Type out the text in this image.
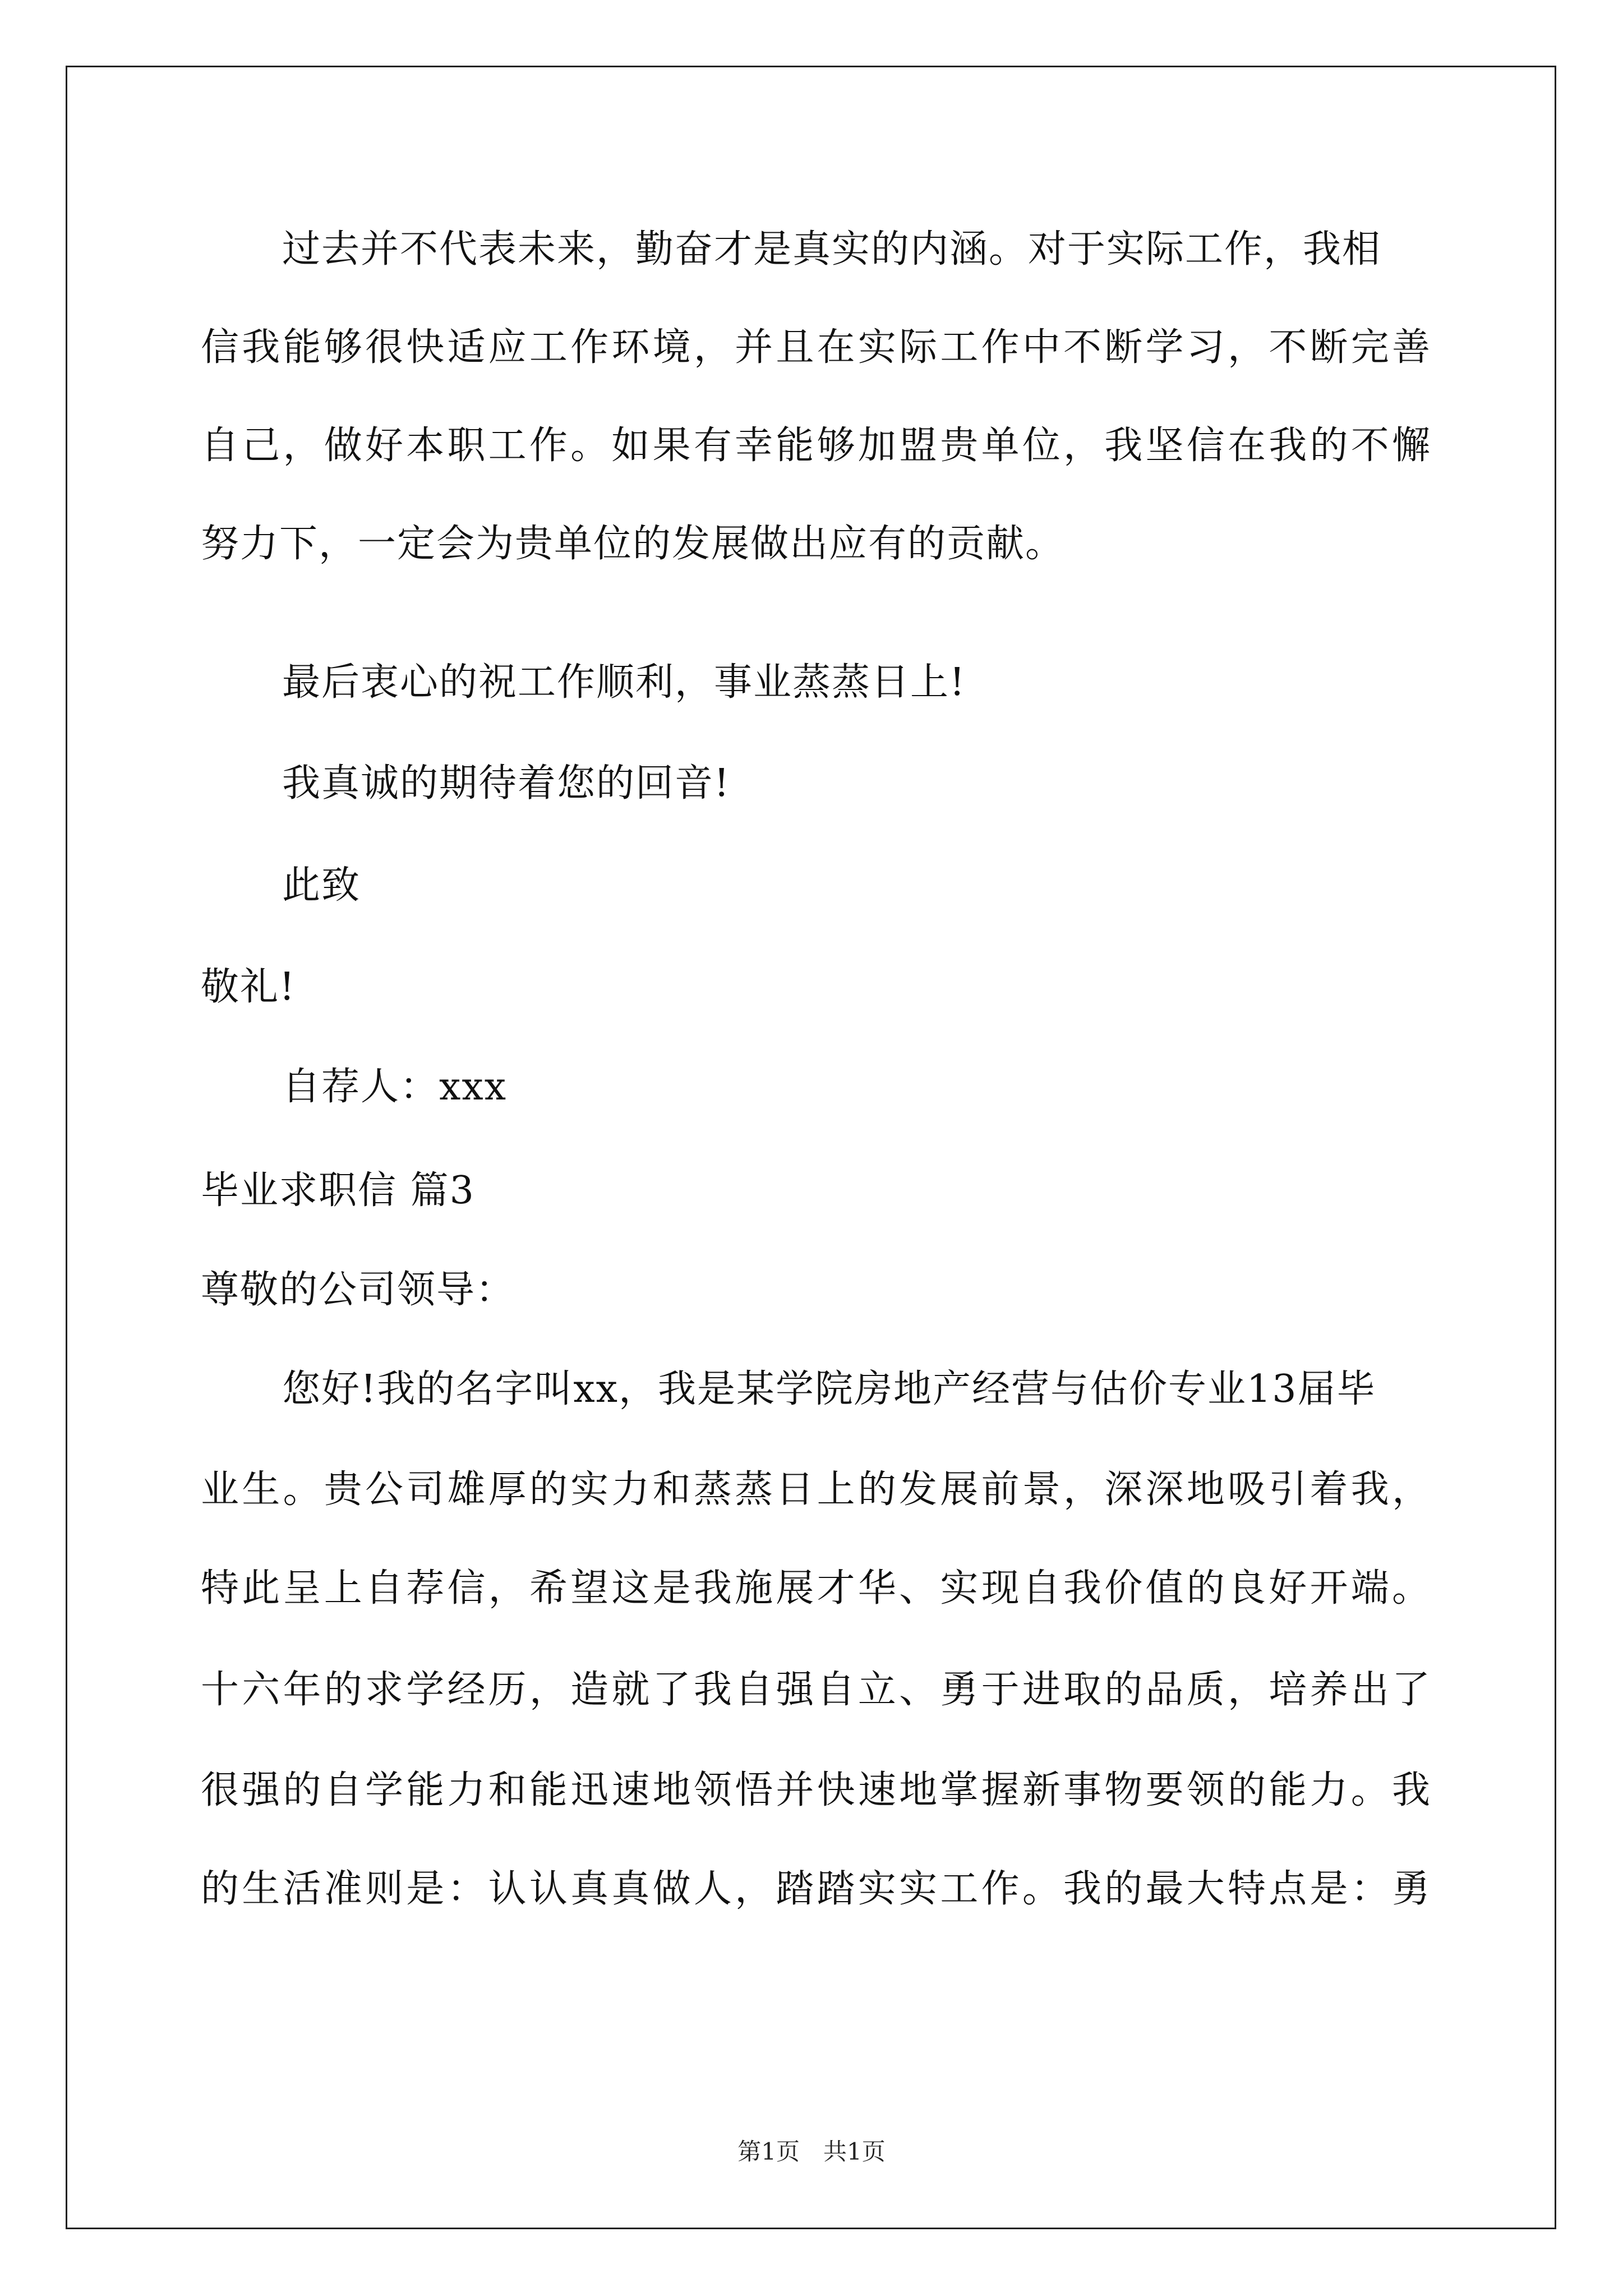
过去并不代表未来，勤奋才是真实的内涵。对于实际工作，我相
信我能够很快适应工作环境，并且在实际工作中不断学习，不断完善
自己，做好本职工作。如果有幸能够加盟贵单位，我坚信在我的不懈
努力下，一定会为贵单位的发展做出应有的贡献。
最后衷心的祝工作顺利，事业蒸蒸日上!
我真诚的期待着您的回音!
此致
敬礼!
自荐人：xxx
毕业求职信 篇3
尊敬的公司领导：
您好!我的名字叫xx，我是某学院房地产经营与估价专业13届毕
业生。贵公司雄厚的实力和蒸蒸日上的发展前景，深深地吸引着我，
特此呈上自荐信，希望这是我施展才华、实现自我价值的良好开端。
十六年的求学经历，造就了我自强自立、勇于进取的品质，培养出了
很强的自学能力和能迅速地领悟并快速地掌握新事物要领的能力。我
的生活准则是：认认真真做人，踏踏实实工作。我的最大特点是：勇
第1页　共1页
